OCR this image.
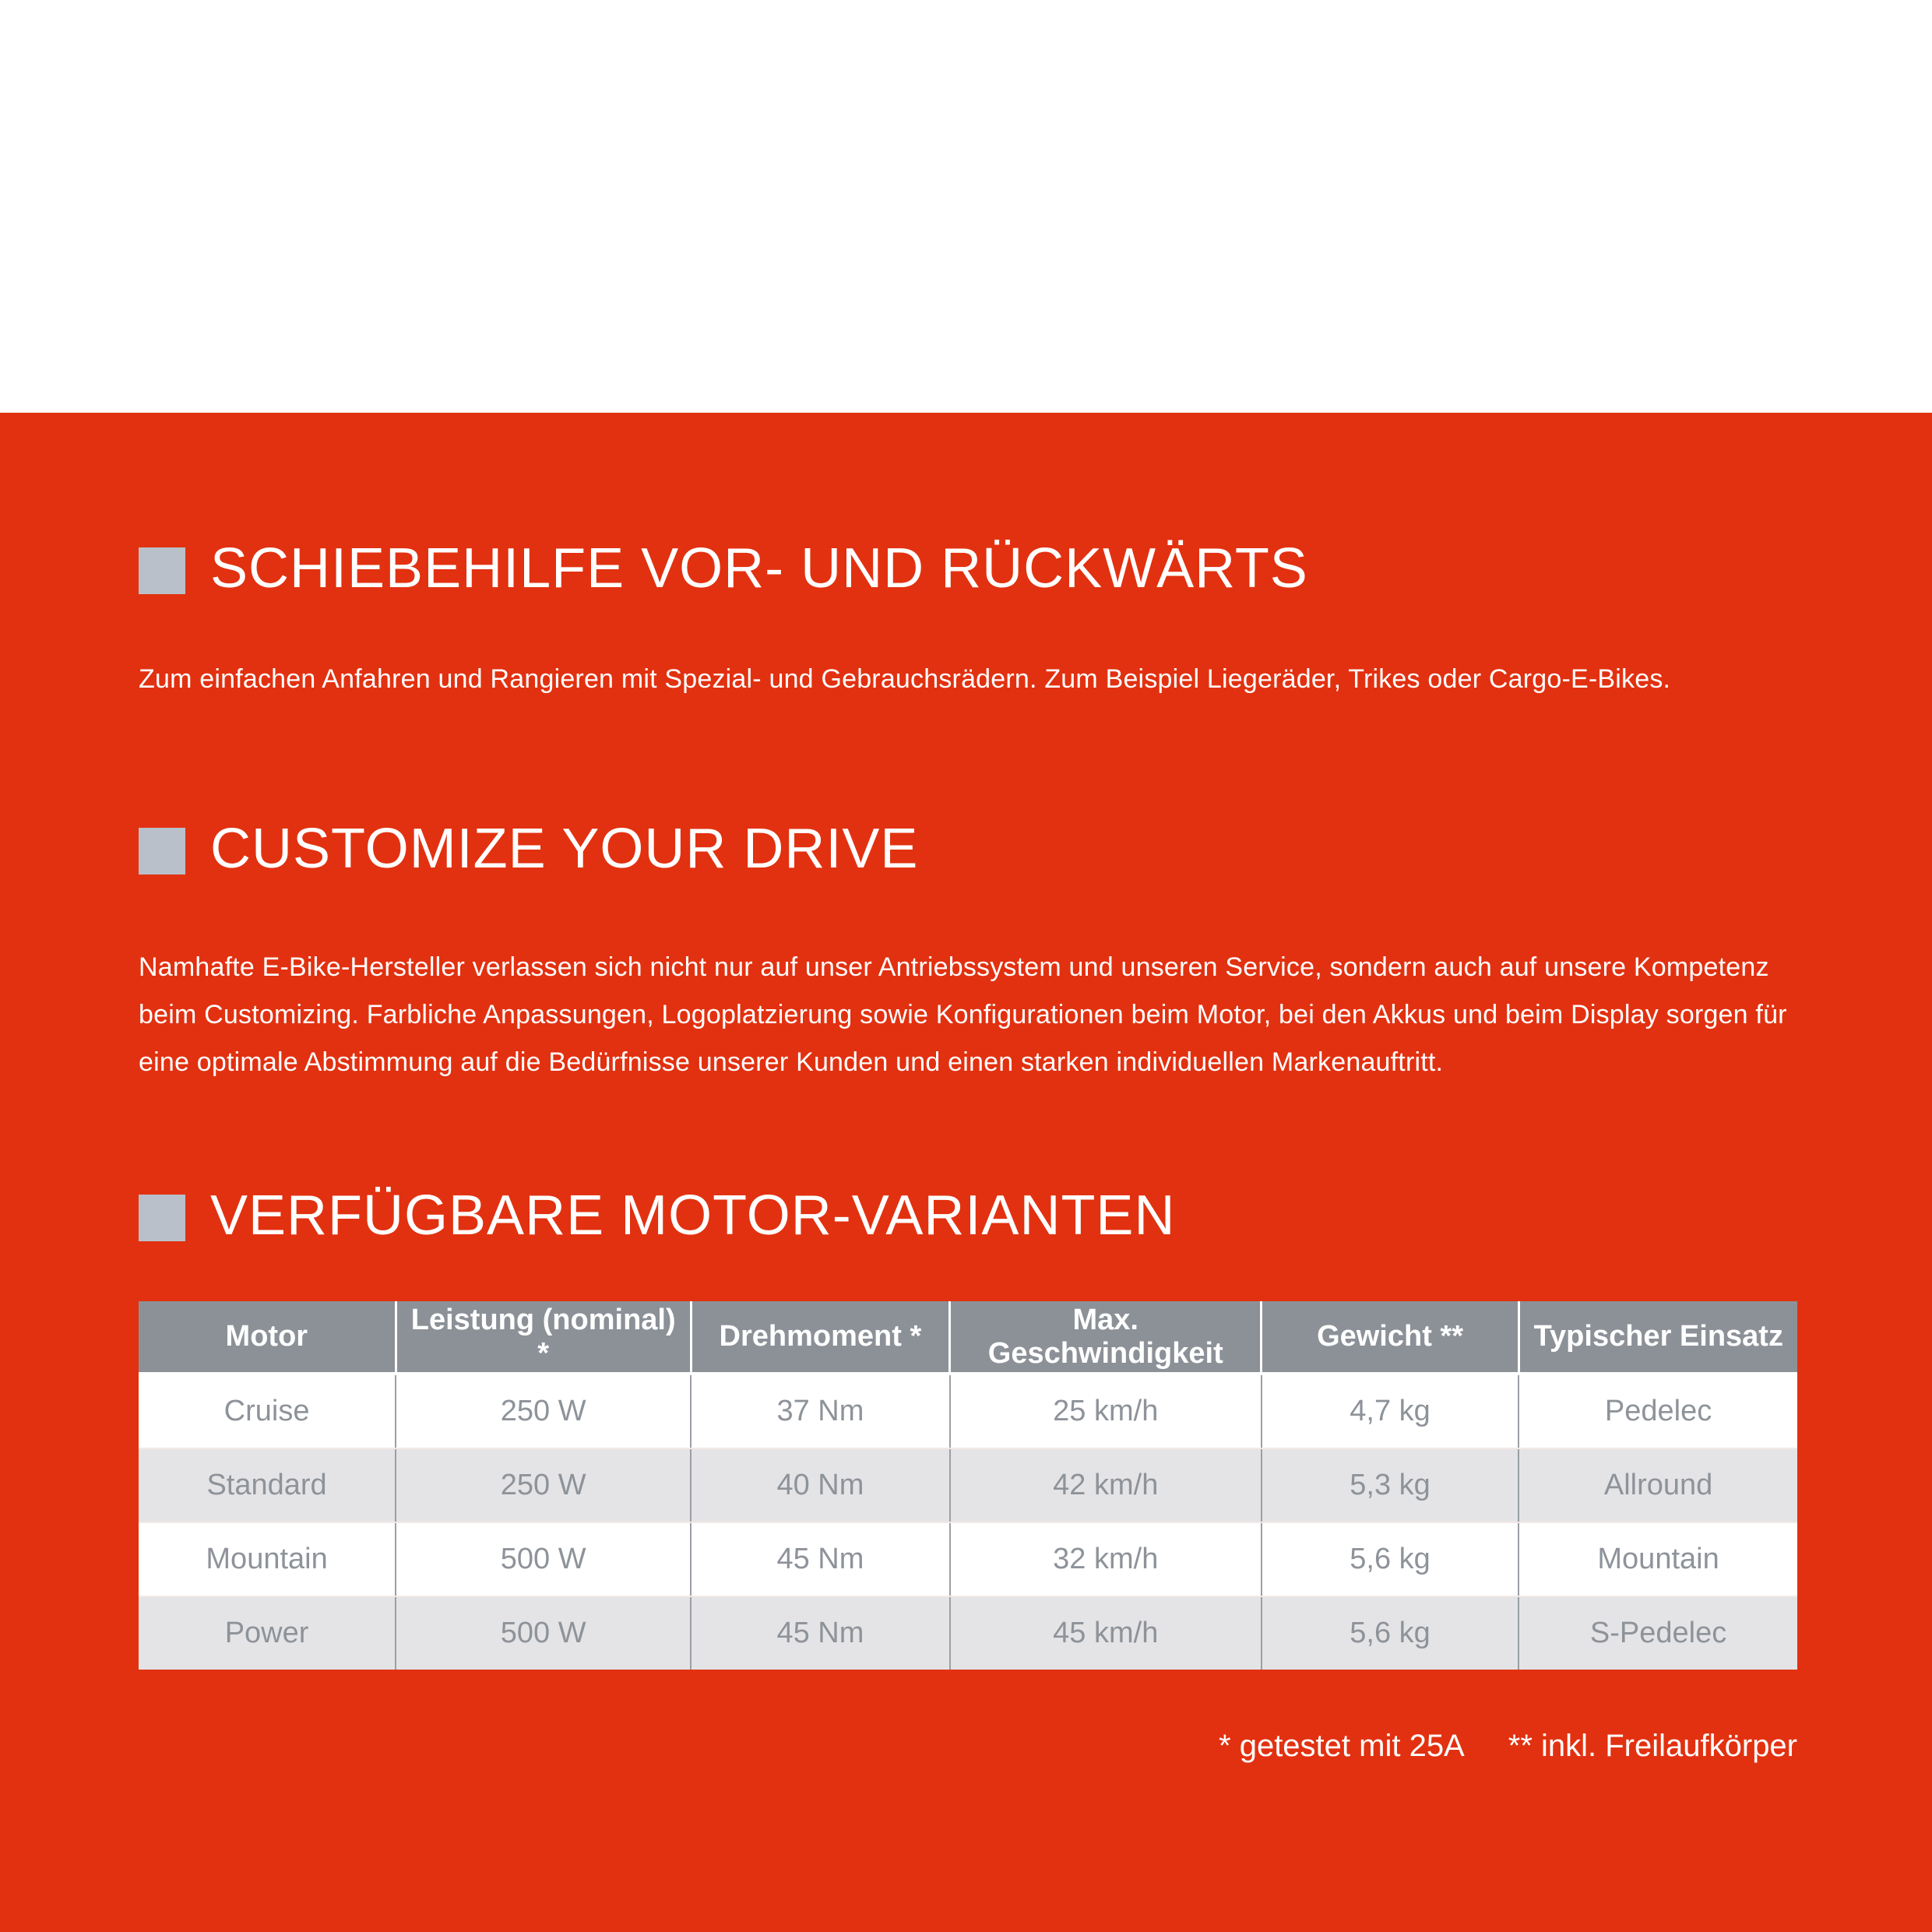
SCHIEBEHILFE VOR- UND RÜCKWÄRTS
Zum einfachen Anfahren und Rangieren mit Spezial- und Gebrauchsrädern. Zum Beispiel Liegeräder, Trikes oder Cargo-E-Bikes.
CUSTOMIZE YOUR DRIVE
Namhafte E-Bike-Hersteller verlassen sich nicht nur auf unser Antriebssystem und unseren Service, sondern auch auf unsere Kompetenz beim Customizing. Farbliche Anpassungen, Logoplatzierung sowie Konfigurationen beim Motor, bei den Akkus und beim Display sorgen für eine optimale Abstimmung auf die Bedürfnisse unserer Kunden und einen starken individuellen Markenauftritt.
VERFÜGBARE MOTOR-VARIANTEN
Motor	Leistung (nominal) *	Drehmoment *	Max. Geschwindigkeit	Gewicht **	Typischer Einsatz
Cruise	250 W	37 Nm	25 km/h	4,7 kg	Pedelec
Standard	250 W	40 Nm	42 km/h	5,3 kg	Allround
Mountain	500 W	45 Nm	32 km/h	5,6 kg	Mountain
Power	500 W	45 Nm	45 km/h	5,6 kg	S-Pedelec
* getestet mit 25A ** inkl. Freilaufkörper
